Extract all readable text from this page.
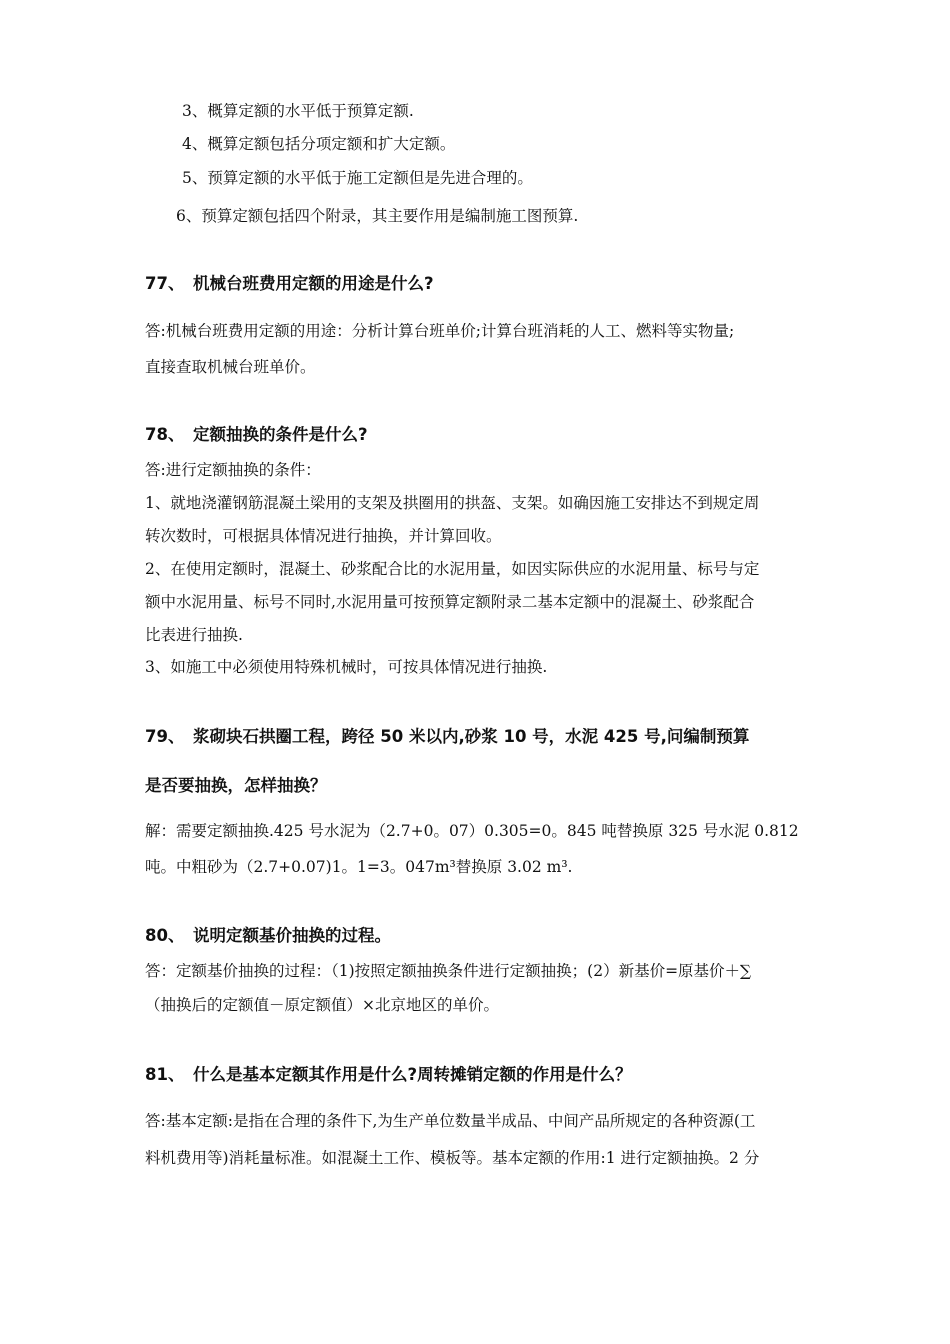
3、概算定额的水平低于预算定额.
4、概算定额包括分项定额和扩大定额。
5、预算定额的水平低于施工定额但是先进合理的。
6、预算定额包括四个附录，其主要作用是编制施工图预算.
77、 机械台班费用定额的用途是什么?
答:机械台班费用定额的用途：分析计算台班单价;计算台班消耗的人工、燃料等实物量;
直接查取机械台班单价。
78、 定额抽换的条件是什么?
答:进行定额抽换的条件：
1、就地浇灌钢筋混凝土梁用的支架及拱圈用的拱盔、支架。如确因施工安排达不到规定周
转次数时，可根据具体情况进行抽换，并计算回收。
2、在使用定额时，混凝土、砂浆配合比的水泥用量，如因实际供应的水泥用量、标号与定
额中水泥用量、标号不同时,水泥用量可按预算定额附录二基本定额中的混凝土、砂浆配合
比表进行抽换.
3、如施工中必须使用特殊机械时，可按具体情况进行抽换.
79、 浆砌块石拱圈工程，跨径 50 米以内,砂浆 10 号，水泥 425 号,问编制预算
是否要抽换，怎样抽换？
解：需要定额抽换.425 号水泥为（2.7+0。07）0.305=0。845 吨替换原 325 号水泥 0.812
吨。中粗砂为（2.7+0.07)1。1=3。047m³替换原 3.02 m³.
80、 说明定额基价抽换的过程。
答：定额基价抽换的过程：（1)按照定额抽换条件进行定额抽换；(2）新基价=原基价＋∑
（抽换后的定额值－原定额值）×北京地区的单价。
81、 什么是基本定额其作用是什么?周转摊销定额的作用是什么？
答:基本定额:是指在合理的条件下,为生产单位数量半成品、中间产品所规定的各种资源(工
料机费用等)消耗量标准。如混凝土工作、模板等。基本定额的作用:1 进行定额抽换。2 分
